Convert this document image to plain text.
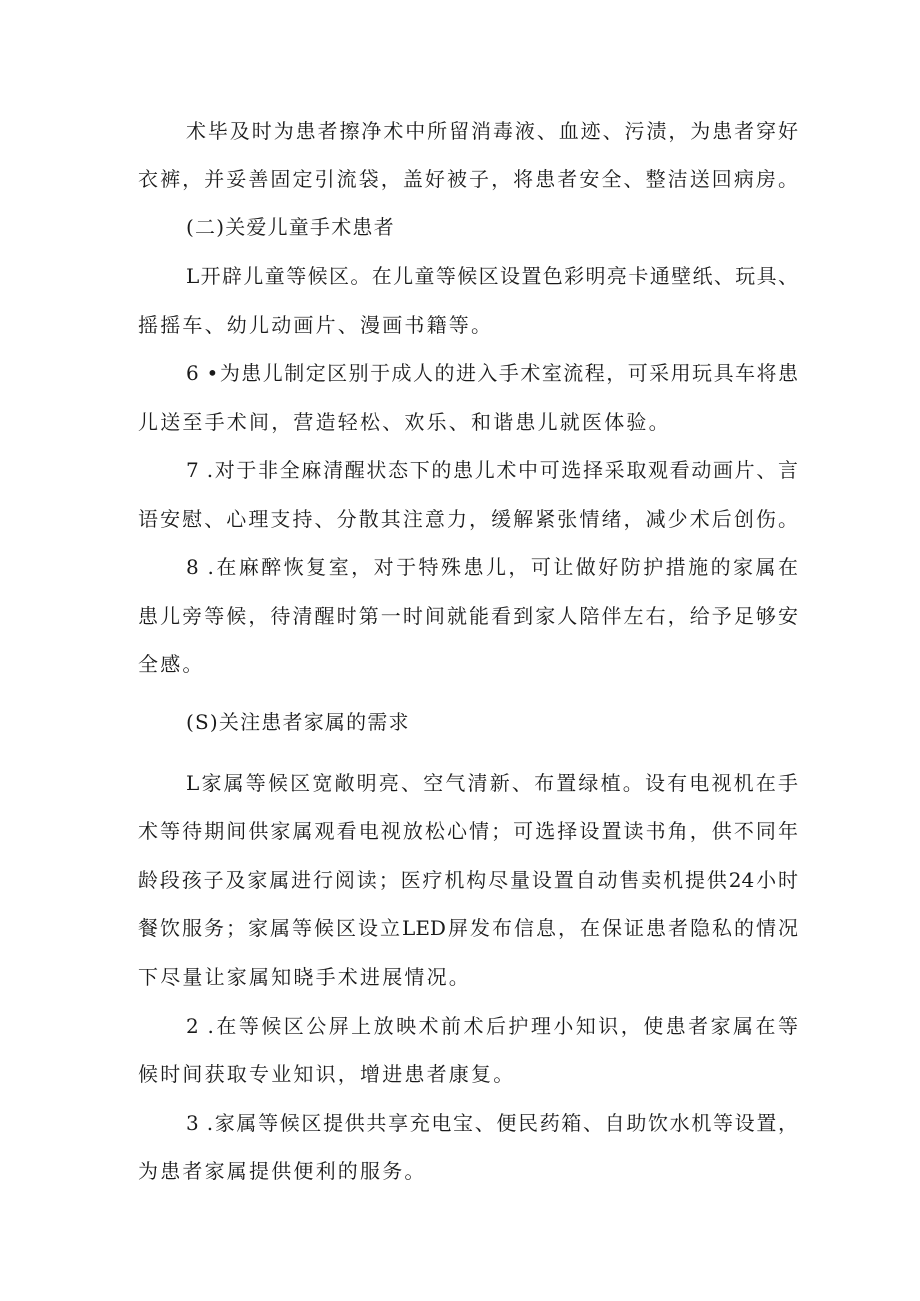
术毕及时为患者擦净术中所留消毒液、血迹、污渍，为患者穿好
衣裤，并妥善固定引流袋，盖好被子，将患者安全、整洁送回病房。
(二)关爱儿童手术患者
L开辟儿童等候区。在儿童等候区设置色彩明亮卡通壁纸、玩具、
摇摇车、幼儿动画片、漫画书籍等。
6 •为患儿制定区别于成人的进入手术室流程，可采用玩具车将患
儿送至手术间，营造轻松、欢乐、和谐患儿就医体验。
7 .对于非全麻清醒状态下的患儿术中可选择采取观看动画片、言
语安慰、心理支持、分散其注意力，缓解紧张情绪，减少术后创伤。
8 .在麻醉恢复室，对于特殊患儿，可让做好防护措施的家属在
患儿旁等候，待清醒时第一时间就能看到家人陪伴左右，给予足够安
全感。
(S)关注患者家属的需求
L家属等候区宽敞明亮、空气清新、布置绿植。设有电视机在手
术等待期间供家属观看电视放松心情；可选择设置读书角，供不同年
龄段孩子及家属进行阅读；医疗机构尽量设置自动售卖机提供24小时
餐饮服务；家属等候区设立LED屏发布信息，在保证患者隐私的情况
下尽量让家属知晓手术进展情况。
2 .在等候区公屏上放映术前术后护理小知识，使患者家属在等
候时间获取专业知识，增进患者康复。
3 .家属等候区提供共享充电宝、便民药箱、自助饮水机等设置，
为患者家属提供便利的服务。
